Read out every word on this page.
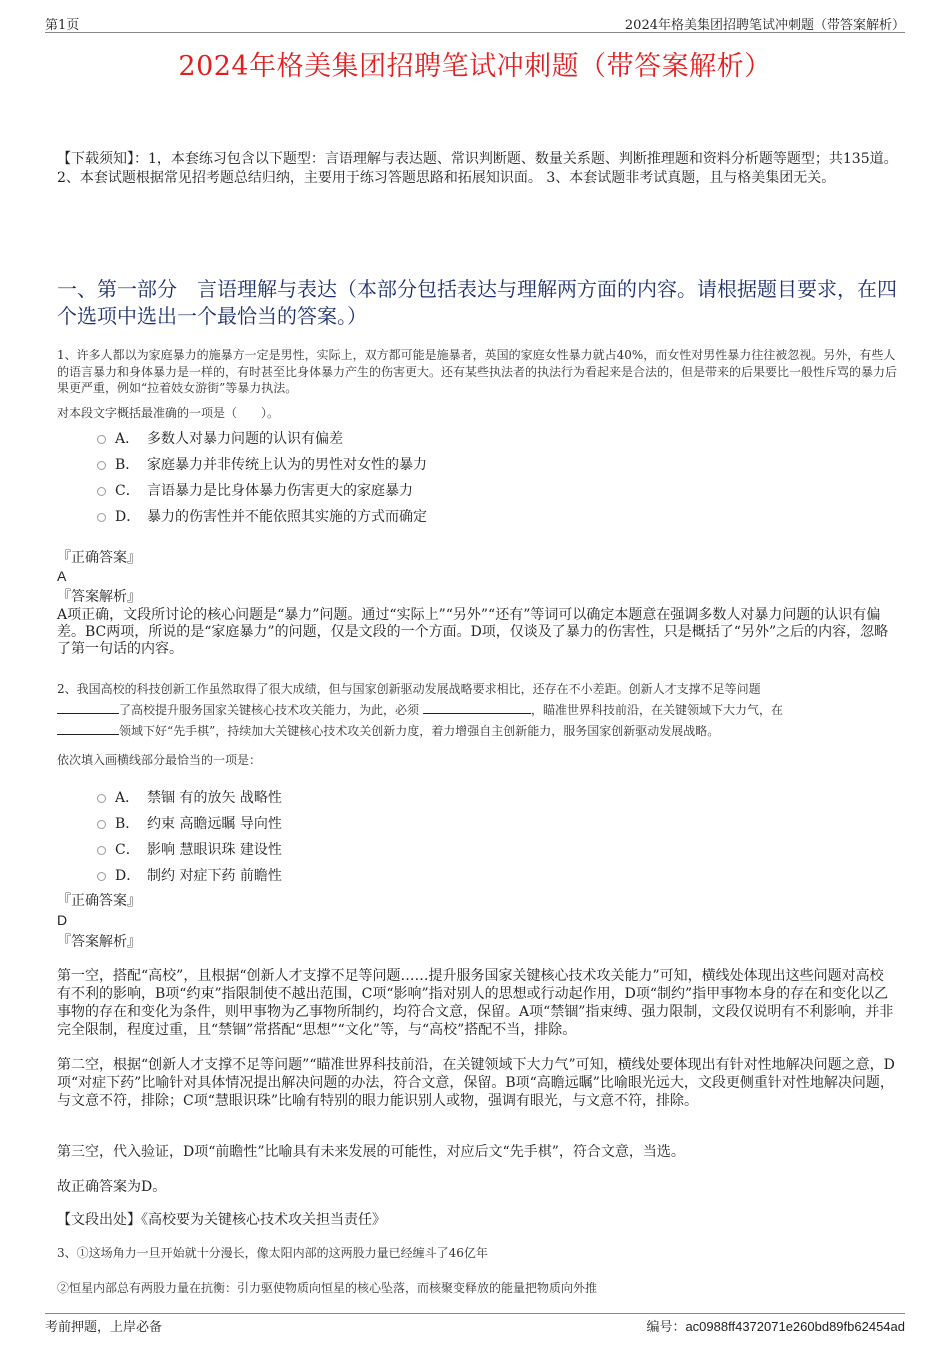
第1页	2024年格美集团招聘笔试冲刺题（带答案解析）
2024年格美集团招聘笔试冲刺题（带答案解析）
【下载须知】：1，本套练习包含以下题型：言语理解与表达题、常识判断题、数量关系题、判断推理题和资料分析题等题型；共135道。 2、本套试题根据常见招考题总结归纳，主要用于练习答题思路和拓展知识面。 3、本套试题非考试真题，且与格美集团无关。
一、第一部分　言语理解与表达（本部分包括表达与理解两方面的内容。请根据题目要求，在四个选项中选出一个最恰当的答案。）
1、许多人都以为家庭暴力的施暴方一定是男性，实际上，双方都可能是施暴者，英国的家庭女性暴力就占40%，而女性对男性暴力往往被忽视。另外，有些人的语言暴力和身体暴力是一样的，有时甚至比身体暴力产生的伤害更大。还有某些执法者的执法行为看起来是合法的，但是带来的后果要比一般性斥骂的暴力后果更严重，例如“拉着妓女游街”等暴力执法。
对本段文字概括最准确的一项是（　　）。
A． 多数人对暴力问题的认识有偏差
B． 家庭暴力并非传统上认为的男性对女性的暴力
C． 言语暴力是比身体暴力伤害更大的家庭暴力
D． 暴力的伤害性并不能依照其实施的方式而确定
『正确答案』
A
『答案解析』
A项正确，文段所讨论的核心问题是“暴力”问题。通过“实际上”“另外”“还有”等词可以确定本题意在强调多数人对暴力问题的认识有偏差。BC两项，所说的是“家庭暴力”的问题，仅是文段的一个方面。D项，仅谈及了暴力的伤害性，只是概括了“另外”之后的内容，忽略了第一句话的内容。
2、我国高校的科技创新工作虽然取得了很大成绩，但与国家创新驱动发展战略要求相比，还存在不小差距。创新人才支撑不足等问题
了高校提升服务国家关键核心技术攻关能力，为此，必须	，瞄准世界科技前沿，在关键领域下大力气，在
领域下好“先手棋”，持续加大关键核心技术攻关创新力度，着力增强自主创新能力，服务国家创新驱动发展战略。
依次填入画横线部分最恰当的一项是：
A． 禁锢 有的放矢 战略性
B． 约束 高瞻远瞩 导向性
C． 影响 慧眼识珠 建设性
D． 制约 对症下药 前瞻性
『正确答案』
D
『答案解析』
第一空，搭配“高校”，且根据“创新人才支撑不足等问题……提升服务国家关键核心技术攻关能力”可知，横线处体现出这些问题对高校有不利的影响，B项“约束”指限制使不越出范围，C项“影响”指对别人的思想或行动起作用，D项“制约”指甲事物本身的存在和变化以乙事物的存在和变化为条件，则甲事物为乙事物所制约，均符合文意，保留。A项“禁锢”指束缚、强力限制，文段仅说明有不利影响，并非完全限制，程度过重，且“禁锢”常搭配“思想”“文化”等，与“高校”搭配不当，排除。
第二空，根据“创新人才支撑不足等问题”“瞄准世界科技前沿，在关键领域下大力气”可知，横线处要体现出有针对性地解决问题之意，D项“对症下药”比喻针对具体情况提出解决问题的办法，符合文意，保留。B项“高瞻远瞩”比喻眼光远大，文段更侧重针对性地解决问题，与文意不符，排除；C项“慧眼识珠”比喻有特别的眼力能识别人或物，强调有眼光，与文意不符，排除。
第三空，代入验证，D项“前瞻性”比喻具有未来发展的可能性，对应后文“先手棋”，符合文意，当选。
故正确答案为D。
【文段出处】《高校要为关键核心技术攻关担当责任》
3、①这场角力一旦开始就十分漫长，像太阳内部的这两股力量已经缠斗了46亿年
②恒星内部总有两股力量在抗衡：引力驱使物质向恒星的核心坠落，而核聚变释放的能量把物质向外推
考前押题，上岸必备	编号：ac0988ff4372071e260bd89fb62454ad
